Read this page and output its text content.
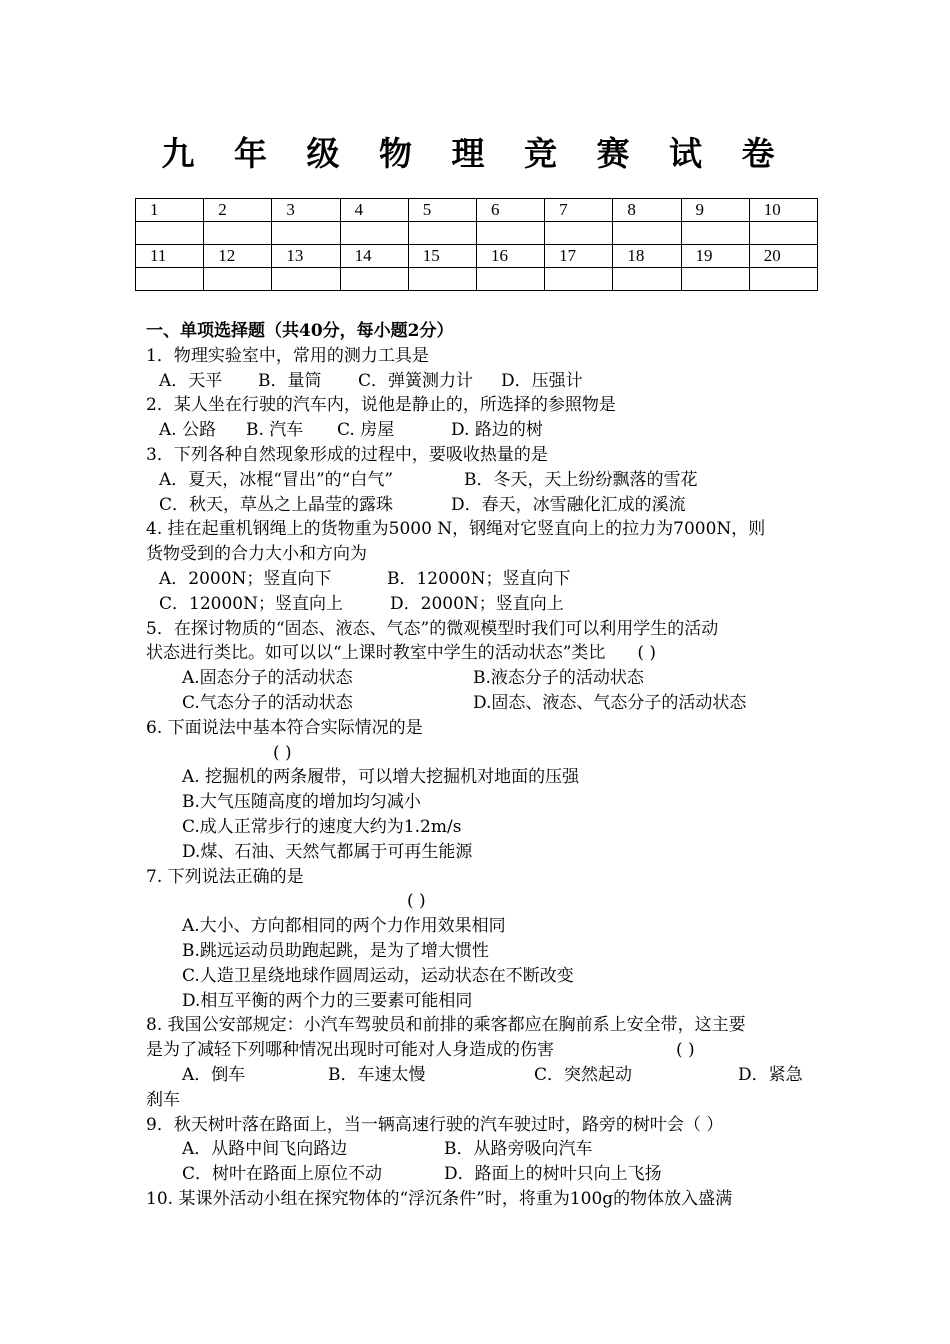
九 年 级 物 理 竞 赛 试 卷
1	2	3	4	5	6	7	8	9	10

11	12	13	14	15	16	17	18	19	20

一、单项选择题（共40分，每小题2分）
1．物理实验室中，常用的测力工具是
A．天平 B．量筒 C．弹簧测力计 D．压强计
2．某人坐在行驶的汽车内，说他是静止的，所选择的参照物是
A. 公路 B. 汽车 C. 房屋	D. 路边的树
3．下列各种自然现象形成的过程中，要吸收热量的是
A．夏天，冰棍“冒出”的“白气”	B．冬天，天上纷纷飘落的雪花
C．秋天，草丛之上晶莹的露珠	D．春天，冰雪融化汇成的溪流
4. 挂在起重机钢绳上的货物重为5000 N，钢绳对它竖直向上的拉力为7000N，则
货物受到的合力大小和方向为
A．2000N；竖直向下	B．12000N；竖直向下
C．12000N；竖直向上	D．2000N；竖直向上
5．在探讨物质的“固态、液态、气态”的微观模型时我们可以利用学生的活动
状态进行类比。如可以以“上课时教室中学生的活动状态”类比 ( )
A.固态分子的活动状态	B.液态分子的活动状态
C.气态分子的活动状态	D.固态、液态、气态分子的活动状态
6. 下面说法中基本符合实际情况的是
( )
A. 挖掘机的两条履带，可以增大挖掘机对地面的压强
B.大气压随高度的增加均匀减小
C.成人正常步行的速度大约为1.2m/s
D.煤、石油、天然气都属于可再生能源
7. 下列说法正确的是
( )
A.大小、方向都相同的两个力作用效果相同
B.跳远运动员助跑起跳，是为了增大惯性
C.人造卫星绕地球作圆周运动，运动状态在不断改变
D.相互平衡的两个力的三要素可能相同
8. 我国公安部规定：小汽车驾驶员和前排的乘客都应在胸前系上安全带，这主要
是为了减轻下列哪种情况出现时可能对人身造成的伤害	( )
A．倒车	B．车速太慢	C．突然起动	D．紧急
刹车
9．秋天树叶落在路面上，当一辆高速行驶的汽车驶过时，路旁的树叶会（ ）
A．从路中间飞向路边	B．从路旁吸向汽车
C．树叶在路面上原位不动	D．路面上的树叶只向上飞扬
10. 某课外活动小组在探究物体的“浮沉条件”时，将重为100g的物体放入盛满
